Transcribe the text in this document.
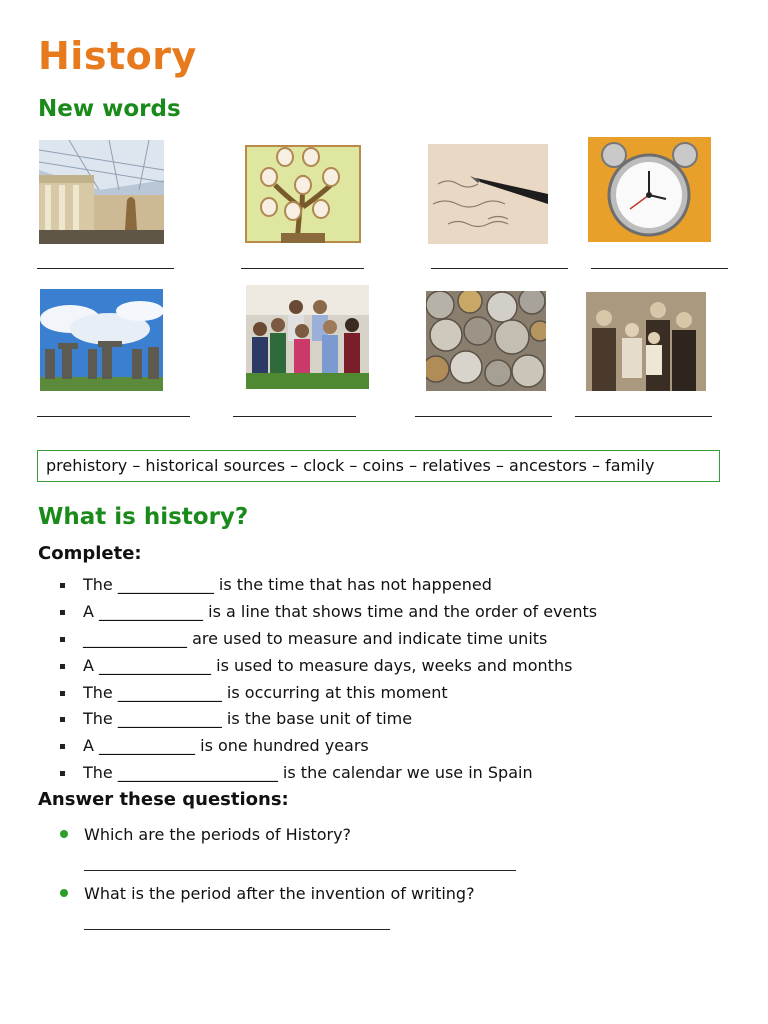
History
New words
prehistory – historical sources – clock – coins – relatives – ancestors – family
What is history?
Complete:
The ____________ is the time that has not happened
A _____________ is a line that shows time and the order of events
_____________ are used to measure and indicate time units
A ______________ is used to measure days, weeks and months
The _____________ is occurring at this moment
The _____________ is the base unit of time
A ____________ is one hundred years
The ____________________ is the calendar we use in Spain
Answer these questions:
Which are the periods of History?
What is the period after the invention of writing?
